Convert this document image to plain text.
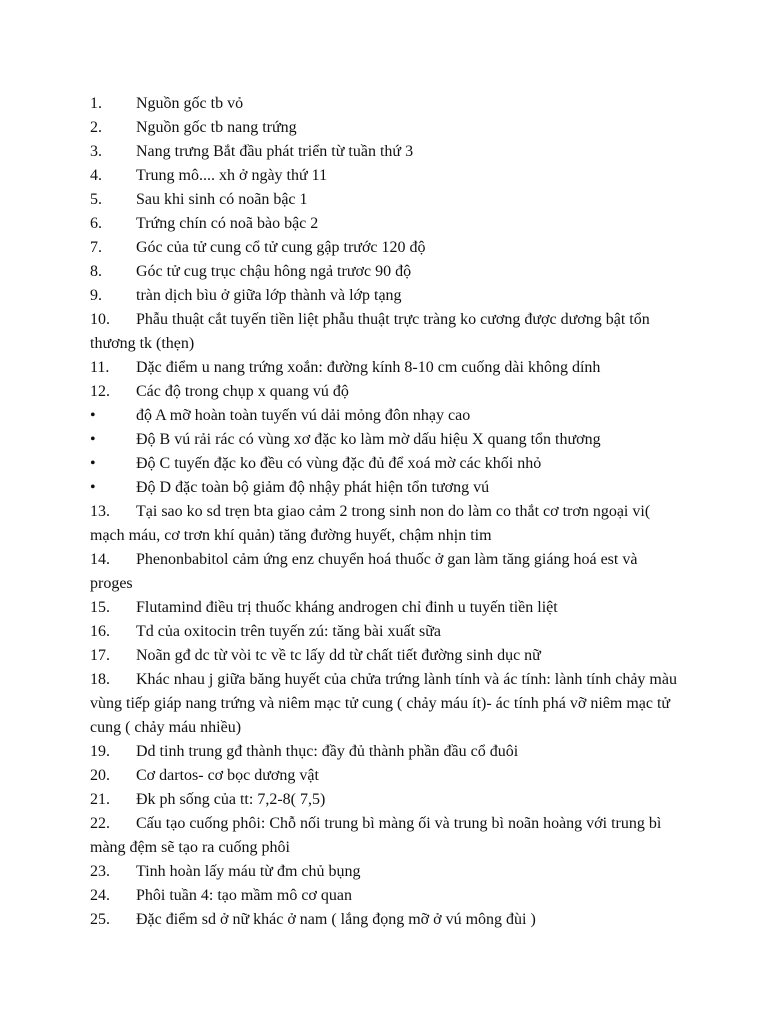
1. Nguồn gốc tb vỏ
2. Nguồn gốc tb nang trứng
3. Nang trưng Bắt đầu phát triển từ tuần thứ 3
4. Trung mô.... xh ở ngày thứ 11
5. Sau khi sinh có noãn bậc 1
6. Trứng chín có noã bào bậc 2
7. Góc của tử cung cổ tử cung gập trước 120 độ
8. Góc tử cug trục chậu hông ngả trươc 90 độ
9. tràn dịch bìu ở giữa lớp thành và lớp tạng
10. Phẫu thuật cắt tuyến tiền liệt phẫu thuật trực tràng ko cương được dương bật tổn thương tk (thẹn)
11. Dặc điểm u nang trứng xoắn: đường kính 8-10 cm cuống dài không dính
12. Các độ trong chụp x quang vú độ
•	độ A mỡ hoàn toàn tuyến vú dải mỏng đôn nhạy cao
•	Độ B vú rải rác có vùng xơ đặc ko làm mờ dấu hiệu X quang tổn thương
•	Độ C tuyến đặc ko đều có vùng đặc đủ để xoá mờ các khối nhỏ
•	Độ D đặc toàn bộ giảm độ nhậy phát hiện tổn tương vú
13. Tại sao ko sd trẹn bta giao cảm 2 trong sinh non do làm co thắt cơ trơn ngoại vi( mạch máu, cơ trơn khí quản) tăng đường huyết, chậm nhịn tim
14. Phenonbabitol cảm ứng enz chuyển hoá thuốc ở gan làm tăng giáng hoá est và proges
15. Flutamind điều trị thuốc kháng androgen chỉ đinh u tuyến tiền liệt
16. Td của oxitocin trên tuyến zú: tăng bài xuất sữa
17. Noãn gđ dc từ vòi tc về tc lấy dd từ chất tiết đường sinh dục nữ
18. Khác nhau j giữa băng huyết của chửa trứng lành tính và ác tính: lành tính chảy màu vùng tiếp giáp nang trứng và niêm mạc tử cung ( chảy máu ít)- ác tính phá vỡ niêm mạc tử cung ( chảy máu nhiều)
19. Dd tinh trung gđ thành thục: đầy đủ thành phần đầu cổ đuôi
20. Cơ dartos- cơ bọc dương vật
21. Đk ph sống của tt: 7,2-8( 7,5)
22. Cấu tạo cuống phôi: Chỗ nối trung bì màng ối và trung bì noãn hoàng với trung bì màng đệm sẽ tạo ra cuống phôi
23. Tinh hoàn lấy máu từ đm chủ bụng
24. Phôi tuần 4: tạo mầm mô cơ quan
25. Đặc điểm sd ở nữ khác ở nam ( lắng đọng mỡ ở vú mông đùi )
